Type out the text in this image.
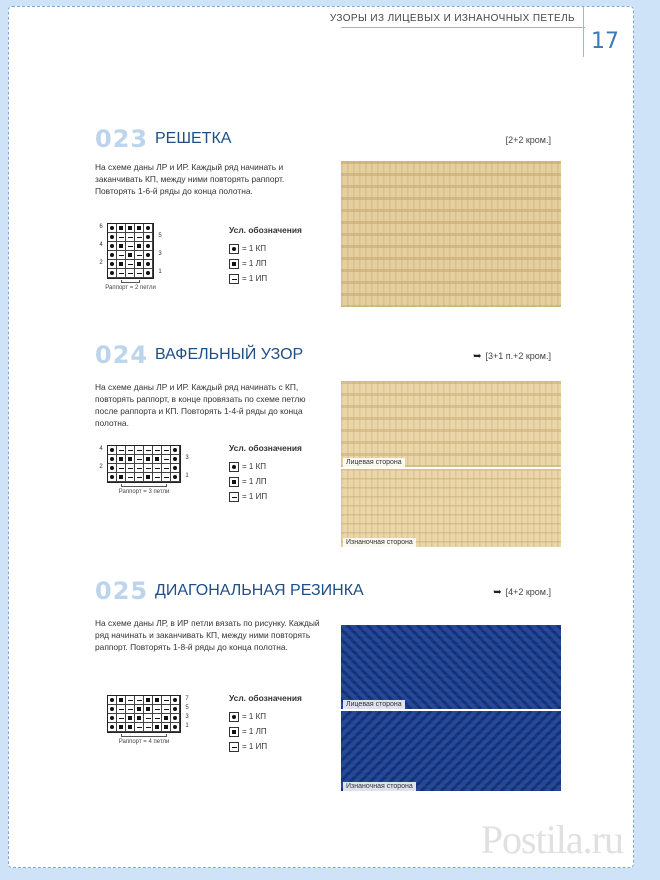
УЗОРЫ ИЗ ЛИЦЕВЫХ И ИЗНАНОЧНЫХ ПЕТЕЛЬ
17
023 РЕШЕТКА	[2+2 кром.]
На схеме даны ЛР и ИР. Каждый ряд начинать и заканчивать КП, между ними повторять раппорт. Повторять 1-6-й ряды до конца полотна.
6
4
2
5
3
1
Раппорт = 2 петли
Усл. обозначения
= 1 КП
= 1 ЛП
= 1 ИП
024 ВАФЕЛЬНЫЙ УЗОР	➥ [3+1 п.+2 кром.]
На схеме даны ЛР и ИР. Каждый ряд начинать с КП, повторять раппорт, в конце провязать по схеме петлю после раппорта и КП. Повторять 1-4-й ряды до конца полотна.
4
2
3
1
Раппорт = 3 петли
Усл. обозначения
= 1 КП
= 1 ЛП
= 1 ИП
Лицевая сторона
Изнаночная сторона
025 ДИАГОНАЛЬНАЯ РЕЗИНКА	➥ [4+2 кром.]
На схеме даны ЛР, в ИР петли вязать по рисунку. Каждый ряд начинать и заканчивать КП, между ними повторять раппорт. Повторять 1-8-й ряды до конца полотна.
7
5
3
1
Раппорт = 4 петли
Усл. обозначения
= 1 КП
= 1 ЛП
= 1 ИП
Лицевая сторона
Изнаночная сторона
Postila.ru
